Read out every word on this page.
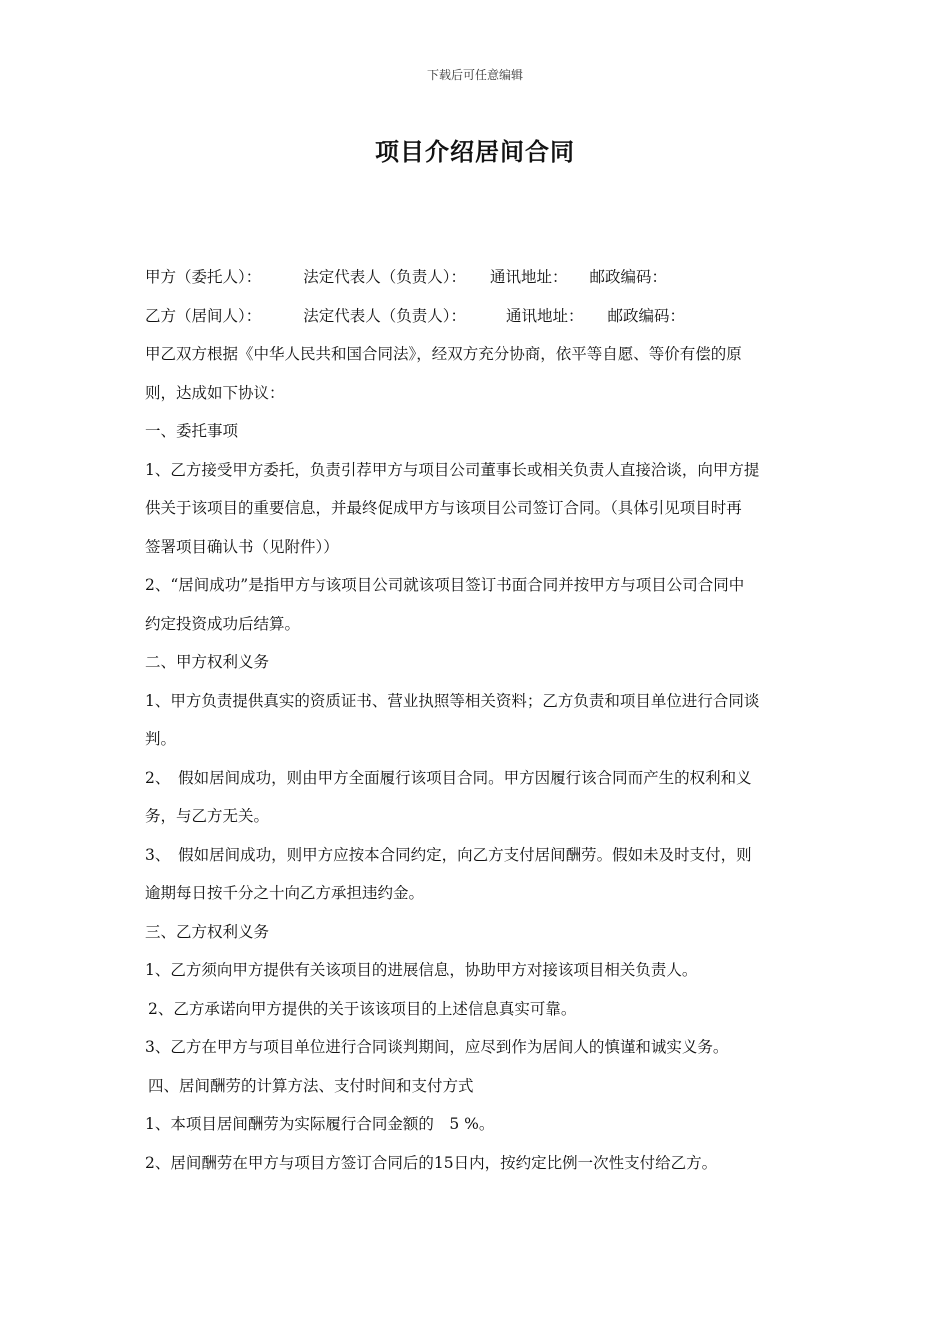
下载后可任意编辑
项目介绍居间合同
甲方（委托人）：	法定代表人（负责人）： 通讯地址： 邮政编码：
乙方（居间人）：	法定代表人（负责人）：	通讯地址： 邮政编码：
甲乙双方根据《中华人民共和国合同法》，经双方充分协商，依平等自愿、等价有偿的原
则，达成如下协议：
一、委托事项
1、乙方接受甲方委托，负责引荐甲方与项目公司董事长或相关负责人直接洽谈，向甲方提
供关于该项目的重要信息，并最终促成甲方与该项目公司签订合同。（具体引见项目时再
签署项目确认书（见附件））
2、“居间成功”是指甲方与该项目公司就该项目签订书面合同并按甲方与项目公司合同中
约定投资成功后结算。
二、甲方权利义务
1、甲方负责提供真实的资质证书、营业执照等相关资料；乙方负责和项目单位进行合同谈
判。
2、　假如居间成功，则由甲方全面履行该项目合同。甲方因履行该合同而产生的权利和义
务，与乙方无关。
3、　假如居间成功，则甲方应按本合同约定，向乙方支付居间酬劳。假如未及时支付，则
逾期每日按千分之十向乙方承担违约金。
三、乙方权利义务
1、乙方须向甲方提供有关该项目的进展信息，协助甲方对接该项目相关负责人。
2、乙方承诺向甲方提供的关于该该项目的上述信息真实可靠。
3、乙方在甲方与项目单位进行合同谈判期间，应尽到作为居间人的慎谨和诚实义务。
四、居间酬劳的计算方法、支付时间和支付方式
1、本项目居间酬劳为实际履行合同金额的　5 %。
2、居间酬劳在甲方与项目方签订合同后的15日内，按约定比例一次性支付给乙方。
